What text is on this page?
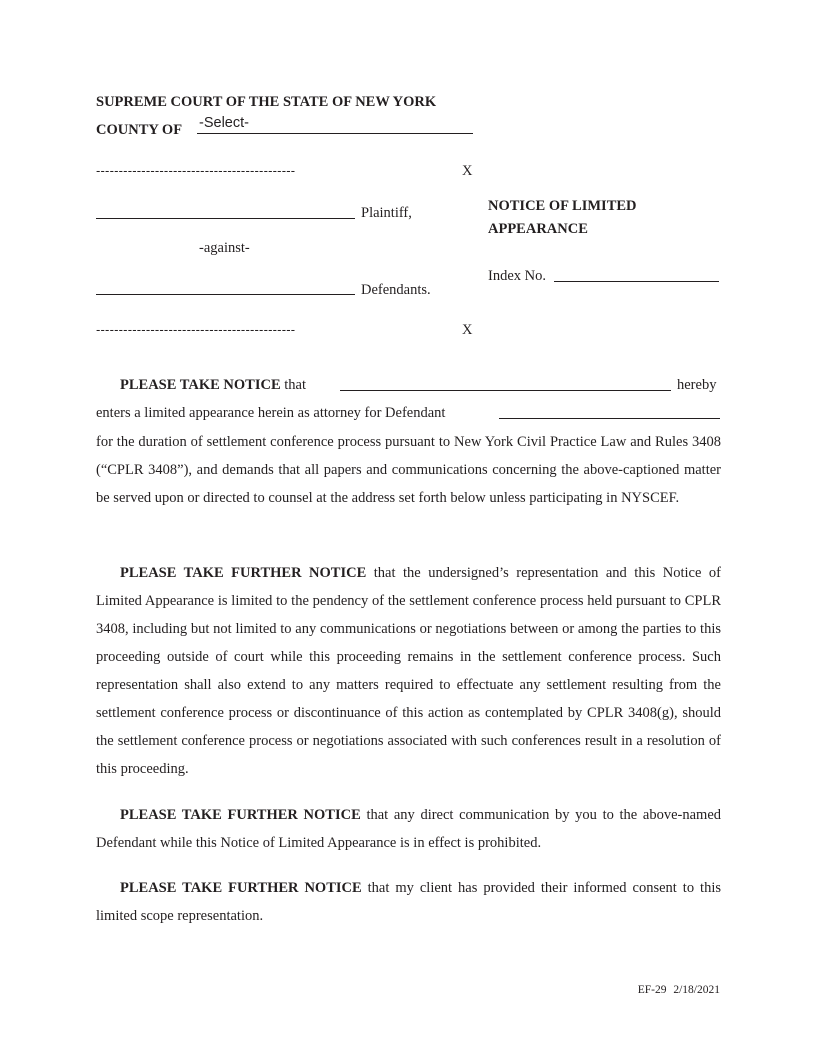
SUPREME COURT OF THE STATE OF NEW YORK
COUNTY OF -Select-
--------------------------------------------	X
Plaintiff,
-against-
Defendants.
--------------------------------------------	X
NOTICE OF LIMITED
APPEARANCE
Index No.
PLEASE TAKE NOTICE that	hereby
enters a limited appearance herein as attorney for Defendant
for the duration of settlement conference process pursuant to New York Civil Practice Law and Rules 3408 (“CPLR 3408”), and demands that all papers and communications concerning the above-captioned matter be served upon or directed to counsel at the address set forth below unless participating in NYSCEF.
PLEASE TAKE FURTHER NOTICE that the undersigned’s representation and this Notice of Limited Appearance is limited to the pendency of the settlement conference process held pursuant to CPLR 3408, including but not limited to any communications or negotiations between or among the parties to this proceeding outside of court while this proceeding remains in the settlement conference process. Such representation shall also extend to any matters required to effectuate any settlement resulting from the settlement conference process or discontinuance of this action as contemplated by CPLR 3408(g), should the settlement conference process or negotiations associated with such conferences result in a resolution of this proceeding.
PLEASE TAKE FURTHER NOTICE that any direct communication by you to the above-named Defendant while this Notice of Limited Appearance is in effect is prohibited.
PLEASE TAKE FURTHER NOTICE that my client has provided their informed consent to this limited scope representation.
EF-29 2/18/2021
